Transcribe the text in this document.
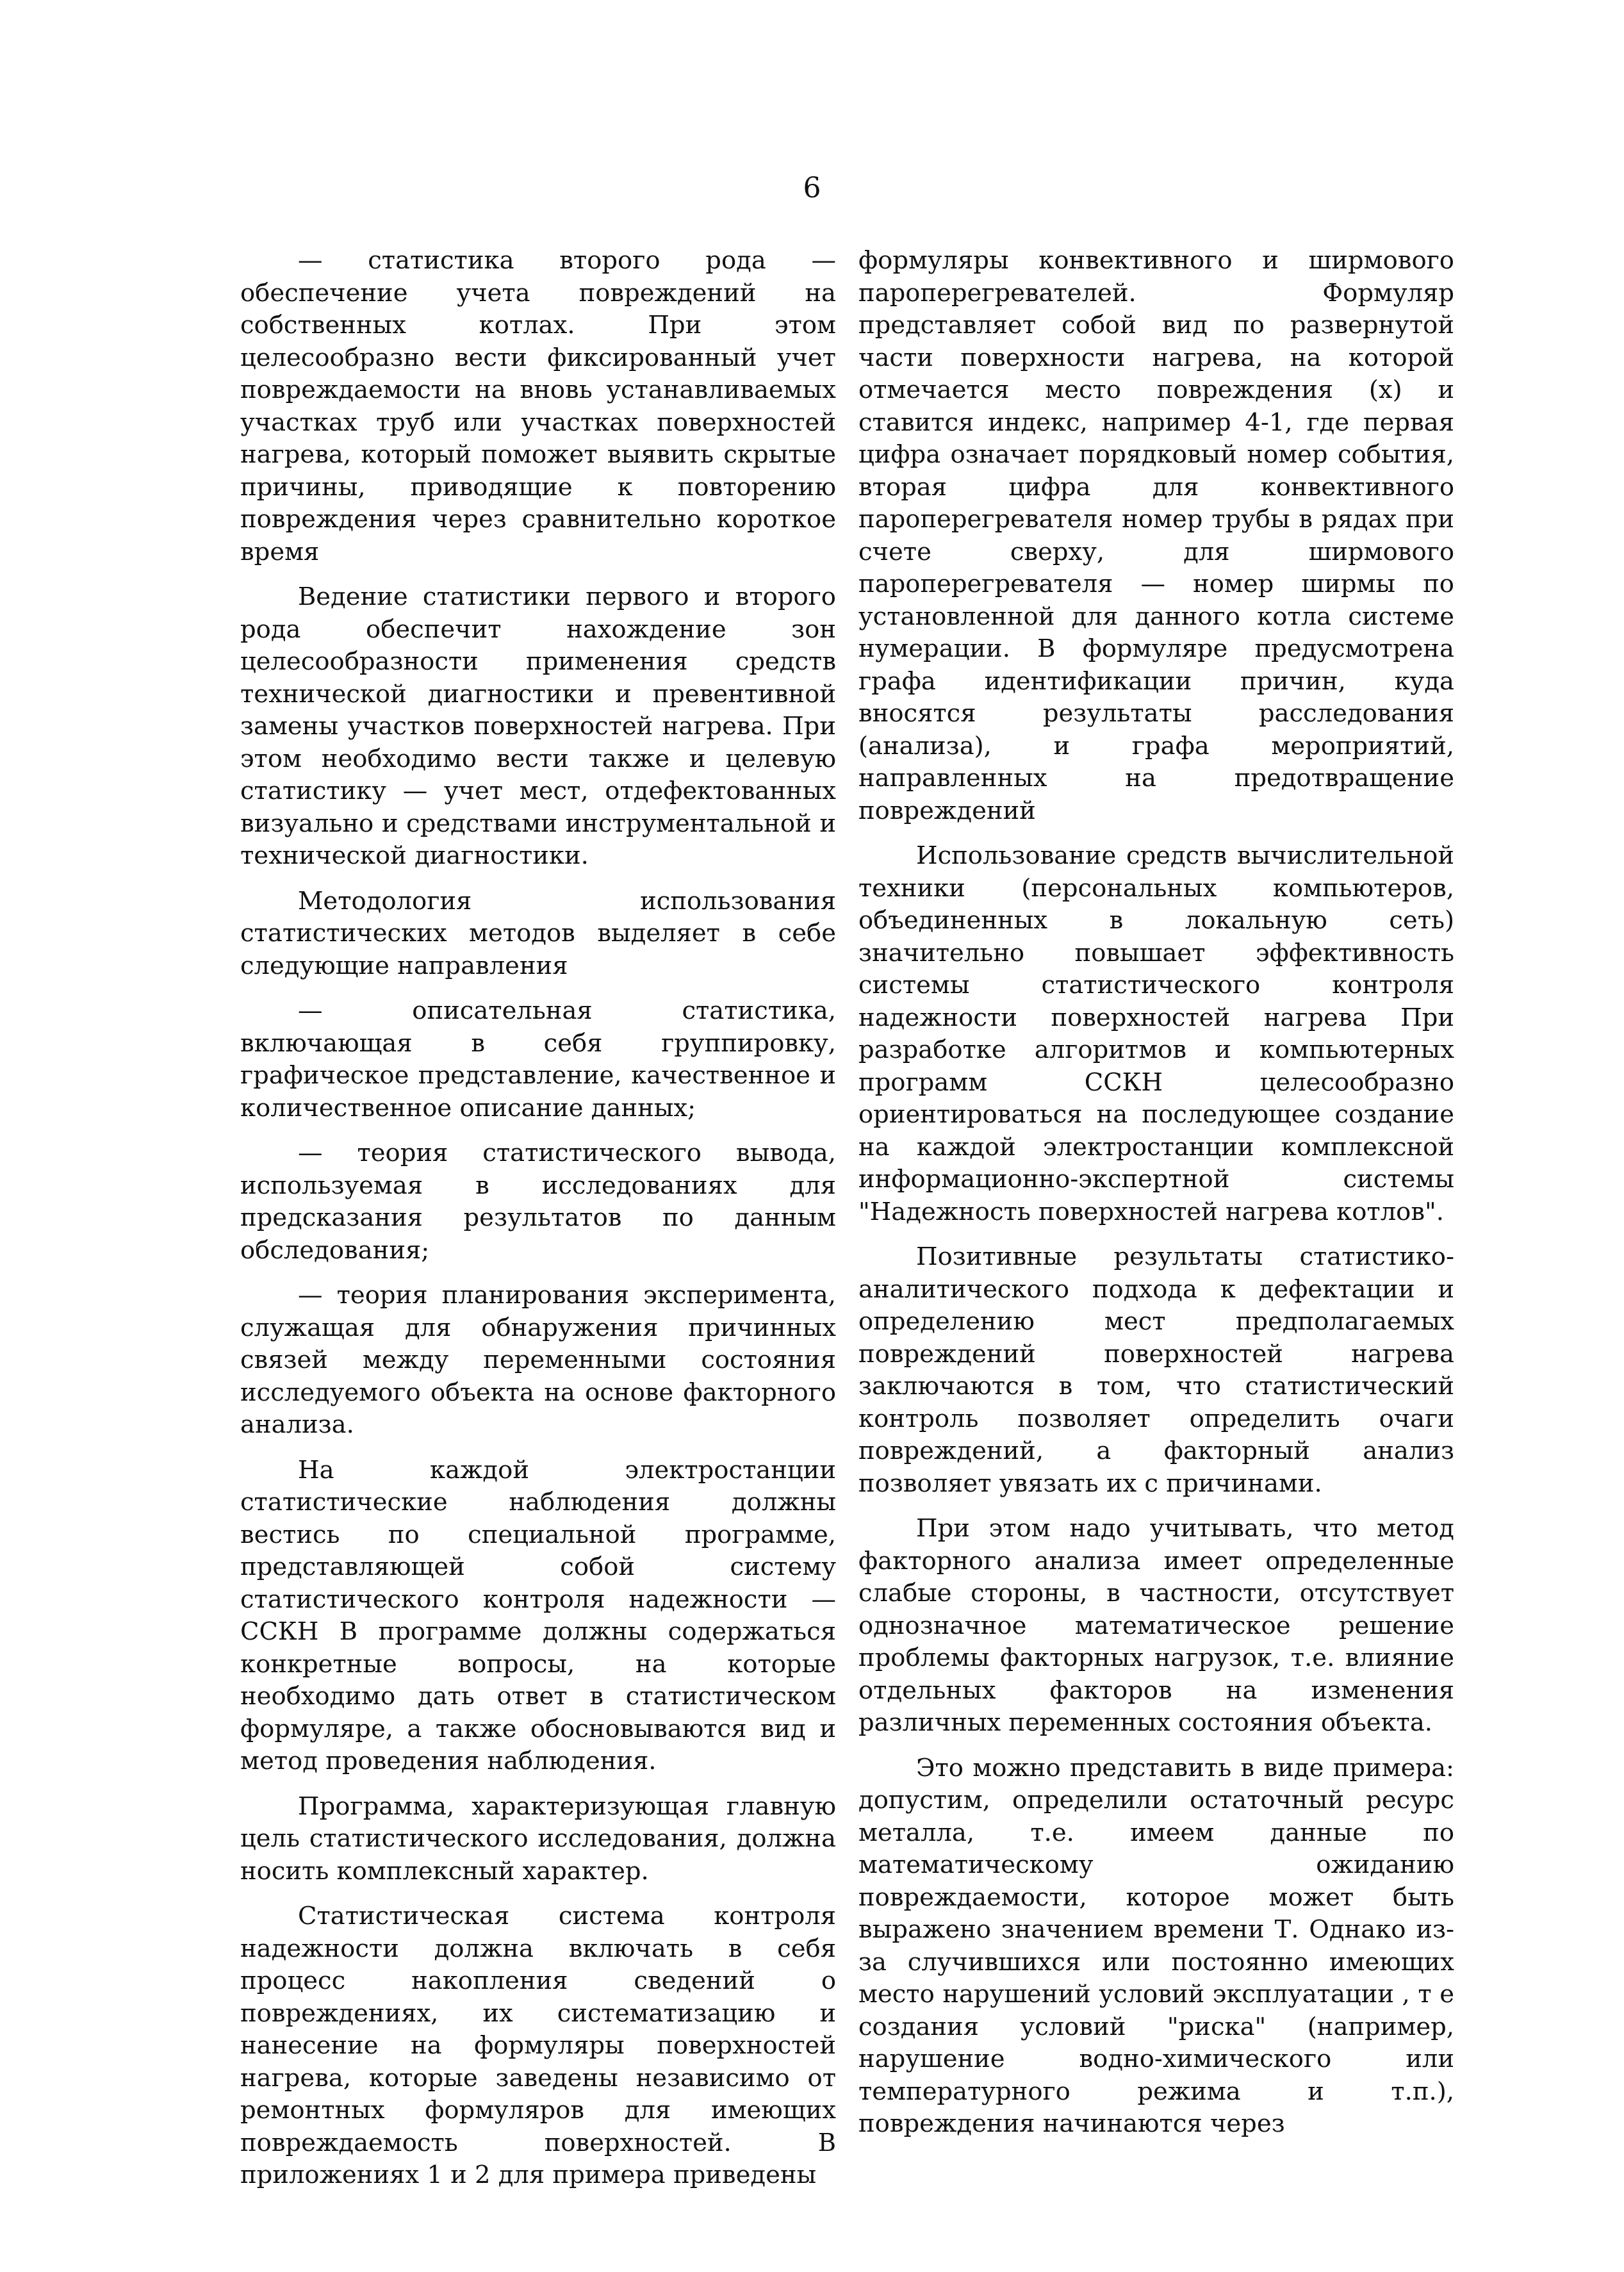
6

— статистика второго рода — обеспечение учета повреждений на собственных котлах. При этом целесообразно вести фиксированный учет повреждаемости на вновь устанавливаемых участках труб или участках поверхностей нагрева, который поможет выявить скрытые причины, приводящие к повторению повреждения через сравнительно короткое время

Ведение статистики первого и второго рода обеспечит нахождение зон целесообразности применения средств технической диагностики и превентивной замены участков поверхностей нагрева. При этом необходимо вести также и целевую статистику — учет мест, отдефектованных визуально и средствами инструментальной и технической диагностики.

Методология использования статистических методов выделяет в себе следующие направления

— описательная статистика, включающая в себя группировку, графическое представление, качественное и количественное описание данных;

— теория статистического вывода, используемая в исследованиях для предсказания результатов по данным обследования;

— теория планирования эксперимента, служащая для обнаружения причинных связей между переменными состояния исследуемого объекта на основе факторного анализа.

На каждой электростанции статистические наблюдения должны вестись по специальной программе, представляющей собой систему статистического контроля надежности — ССКН В программе должны содержаться конкретные вопросы, на которые необходимо дать ответ в статистическом формуляре, а также обосновываются вид и метод проведения наблюдения.

Программа, характеризующая главную цель статистического исследования, должна носить комплексный характер.

Статистическая система контроля надежности должна включать в себя процесс накопления сведений о повреждениях, их систематизацию и нанесение на формуляры поверхностей нагрева, которые заведены независимо от ремонтных формуляров для имеющих повреждаемость поверхностей. В приложениях 1 и 2 для примера приведены

формуляры конвективного и ширмового пароперегревателей. Формуляр представляет собой вид по развернутой части поверхности нагрева, на которой отмечается место повреждения (x) и ставится индекс, например 4-1, где первая цифра означает порядковый номер события, вторая цифра для конвективного пароперегревателя номер трубы в рядах при счете сверху, для ширмового пароперегревателя — номер ширмы по установленной для данного котла системе нумерации. В формуляре предусмотрена графа идентификации причин, куда вносятся результаты расследования (анализа), и графа мероприятий, направленных на предотвращение повреждений

Использование средств вычислительной техники (персональных компьютеров, объединенных в локальную сеть) значительно повышает эффективность системы статистического контроля надежности поверхностей нагрева При разработке алгоритмов и компьютерных программ ССКН целесообразно ориентироваться на последующее создание на каждой электростанции комплексной информационно-экспертной системы "Надежность поверхностей нагрева котлов".

Позитивные результаты статистико-аналитического подхода к дефектации и определению мест предполагаемых повреждений поверхностей нагрева заключаются в том, что статистический контроль позволяет определить очаги повреждений, а факторный анализ позволяет увязать их с причинами.

При этом надо учитывать, что метод факторного анализа имеет определенные слабые стороны, в частности, отсутствует однозначное математическое решение проблемы факторных нагрузок, т.е. влияние отдельных факторов на изменения различных переменных состояния объекта.

Это можно представить в виде примера: допустим, определили остаточный ресурс металла, т.е. имеем данные по математическому ожиданию повреждаемости, которое может быть выражено значением времени Т. Однако из-за случившихся или постоянно имеющих место нарушений условий эксплуатации , т е создания условий "риска" (например, нарушение водно-химического или температурного режима и т.п.), повреждения начинаются через
